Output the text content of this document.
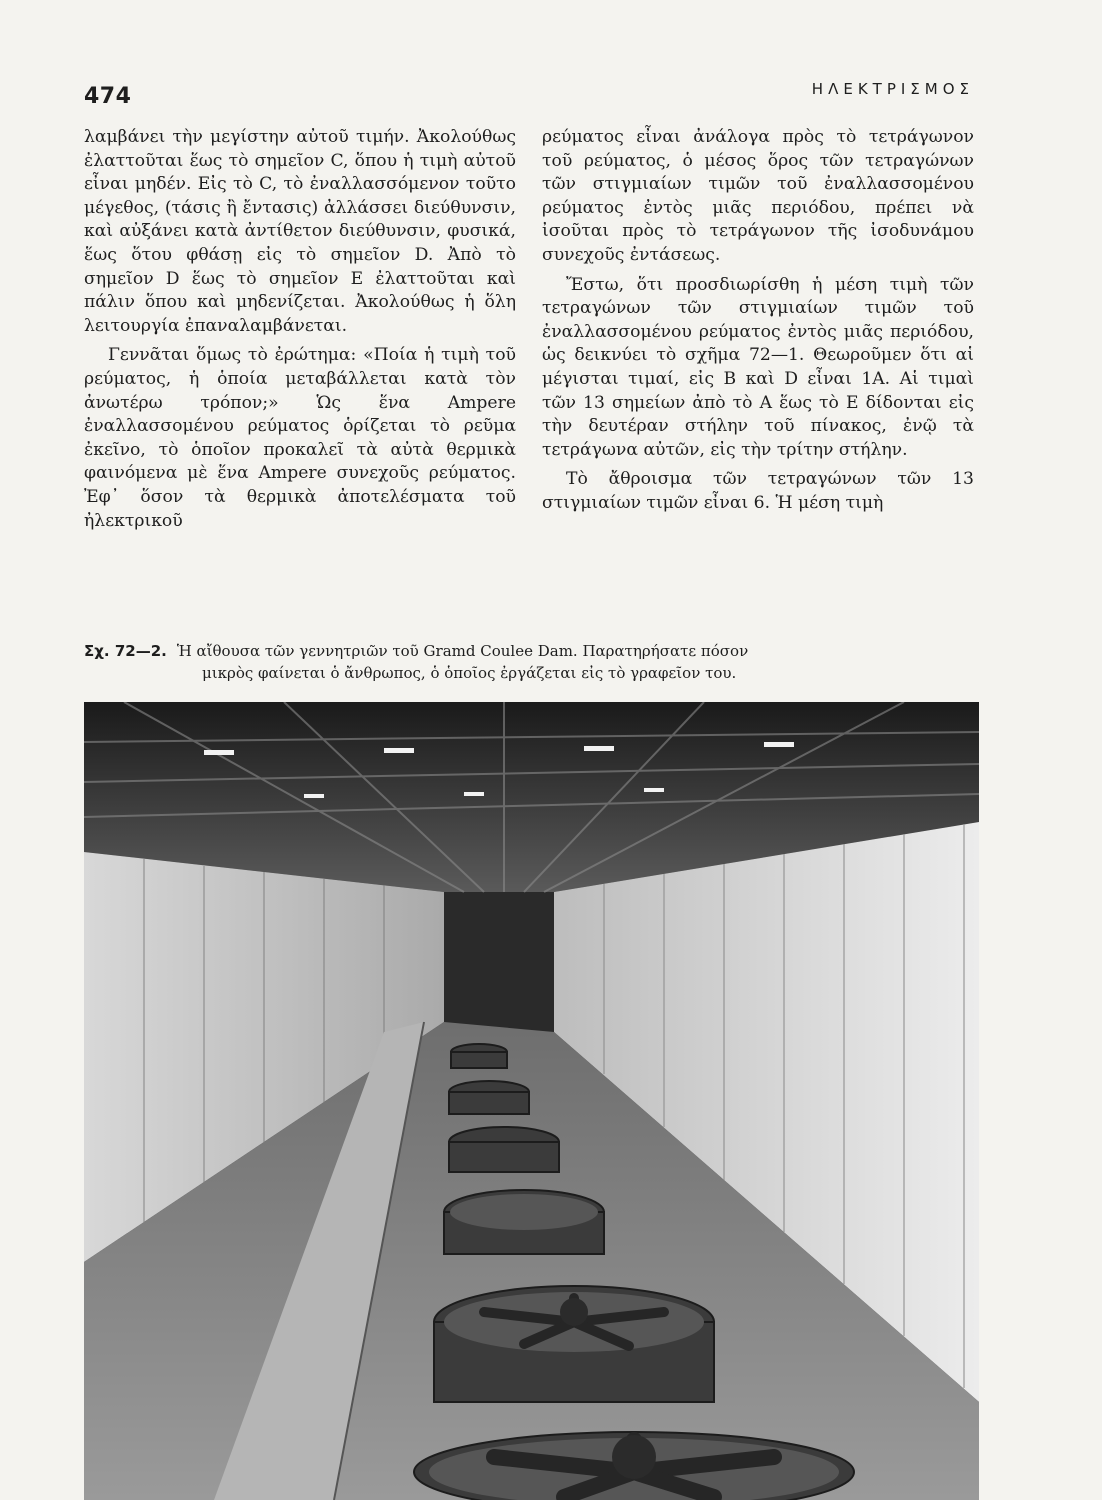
474	ΗΛΕΚΤΡΙΣΜΟΣ

λαμβάνει τὴν μεγίστην αὐτοῦ τιμήν. Ἀκολούθως ἐλαττοῦται ἕως τὸ σημεῖον C, ὅπου ἡ τιμὴ αὐτοῦ εἶναι μηδέν. Εἰς τὸ C, τὸ ἐναλλασσόμενον τοῦτο μέγεθος, (τάσις ἢ ἔντασις) ἀλλάσσει διεύθυνσιν, καὶ αὐξάνει κατὰ ἀντίθετον διεύθυνσιν, φυσικά, ἕως ὅτου φθάσῃ εἰς τὸ σημεῖον D. Ἀπὸ τὸ σημεῖον D ἕως τὸ σημεῖον E ἐλαττοῦται καὶ πάλιν ὅπου καὶ μηδενίζεται. Ἀκολούθως ἡ ὅλη λειτουργία ἐπαναλαμβάνεται.

Γεννᾶται ὅμως τὸ ἐρώτημα: «Ποία ἡ τιμὴ τοῦ ρεύματος, ἡ ὁποία μεταβάλλεται κατὰ τὸν ἀνωτέρω τρόπον;» Ὡς ἕνα Ampere ἐναλλασσομένου ρεύματος ὁρίζεται τὸ ρεῦμα ἐκεῖνο, τὸ ὁποῖον προκαλεῖ τὰ αὐτὰ θερμικὰ φαινόμενα μὲ ἕνα Ampere συνεχοῦς ρεύματος. Ἐφ᾽ ὅσον τὰ θερμικὰ ἀποτελέσματα τοῦ ἠλεκτρικοῦ

ρεύματος εἶναι ἀνάλογα πρὸς τὸ τετράγωνον τοῦ ρεύματος, ὁ μέσος ὅρος τῶν τετραγώνων τῶν στιγμιαίων τιμῶν τοῦ ἐναλλασσομένου ρεύματος ἐντὸς μιᾶς περιόδου, πρέπει νὰ ἰσοῦται πρὸς τὸ τετράγωνον τῆς ἰσοδυνάμου συνεχοῦς ἐντάσεως.

Ἔστω, ὅτι προσδιωρίσθη ἡ μέση τιμὴ τῶν τετραγώνων τῶν στιγμιαίων τιμῶν τοῦ ἐναλλασσομένου ρεύματος ἐντὸς μιᾶς περιόδου, ὡς δεικνύει τὸ σχῆμα 72—1. Θεωροῦμεν ὅτι αἱ μέγισται τιμαί, εἰς B καὶ D εἶναι 1A. Αἱ τιμαὶ τῶν 13 σημείων ἀπὸ τὸ A ἕως τὸ E δίδονται εἰς τὴν δευτέραν στήλην τοῦ πίνακος, ἐνῷ τὰ τετράγωνα αὐτῶν, εἰς τὴν τρίτην στήλην.

Τὸ ἄθροισμα τῶν τετραγώνων τῶν 13 στιγμιαίων τιμῶν εἶναι 6. Ἡ μέση τιμὴ

Σχ. 72—2. Ἡ αἴθουσα τῶν γεννητριῶν τοῦ Gramd Coulee Dam. Παρατηρήσατε πόσον
μικρὸς φαίνεται ὁ ἄνθρωπος, ὁ ὁποῖος ἐργάζεται εἰς τὸ γραφεῖον του.
